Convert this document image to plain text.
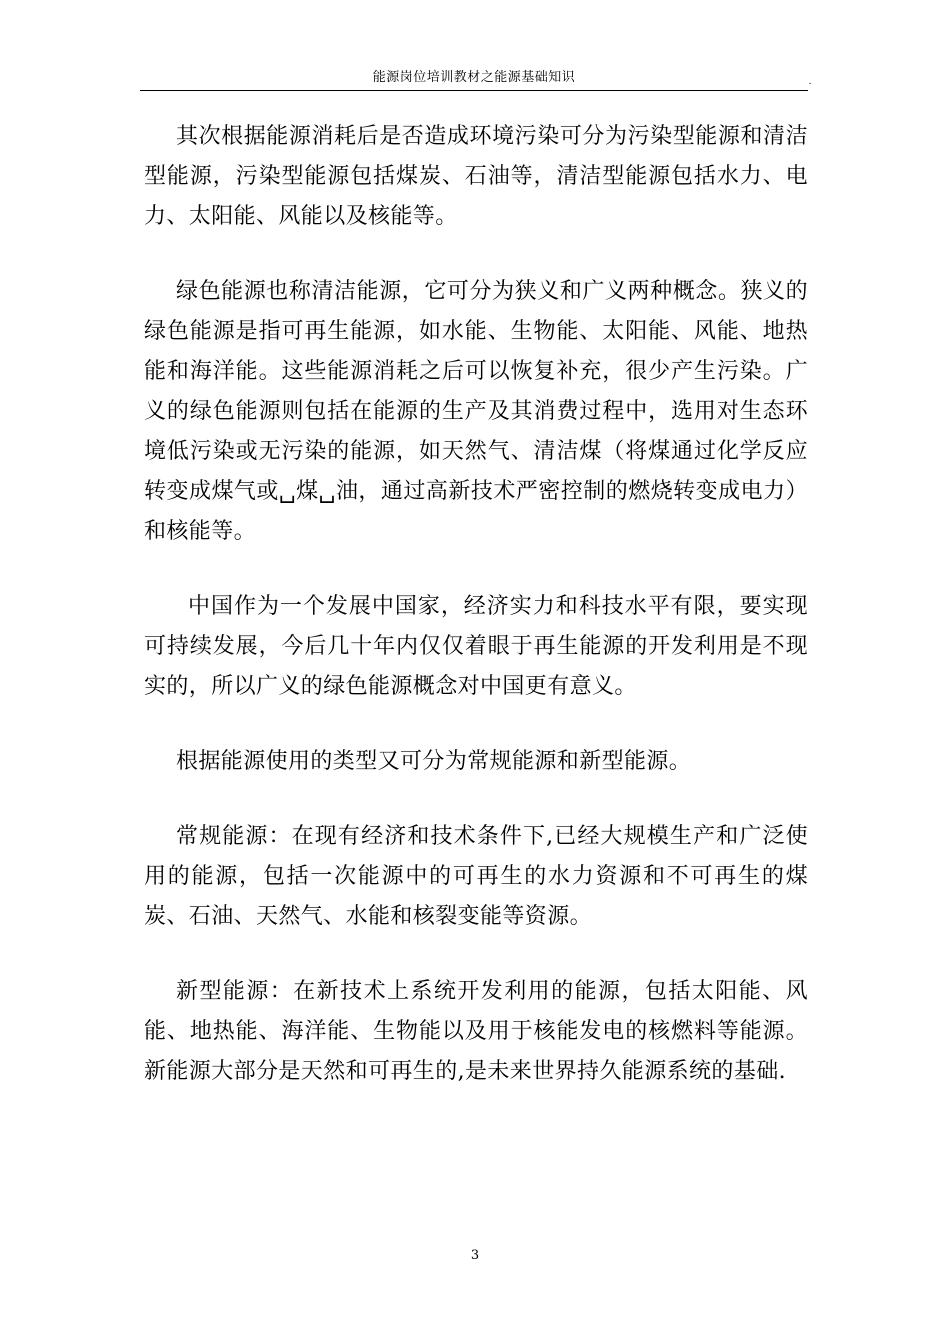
能源岗位培训教材之能源基础知识	.

其次根据能源消耗后是否造成环境污染可分为污染型能源和清洁型能源，污染型能源包括煤炭、石油等，清洁型能源包括水力、电力、太阳能、风能以及核能等。

绿色能源也称清洁能源，它可分为狭义和广义两种概念。狭义的绿色能源是指可再生能源，如水能、生物能、太阳能、风能、地热能和海洋能。这些能源消耗之后可以恢复补充，很少产生污染。广义的绿色能源则包括在能源的生产及其消费过程中，选用对生态环境低污染或无污染的能源，如天然气、清洁煤（将煤通过化学反应转变成煤气或␣煤␣油，通过高新技术严密控制的燃烧转变成电力）和核能等。

中国作为一个发展中国家，经济实力和科技水平有限，要实现可持续发展，今后几十年内仅仅着眼于再生能源的开发利用是不现实的，所以广义的绿色能源概念对中国更有意义。

根据能源使用的类型又可分为常规能源和新型能源。

常规能源：在现有经济和技术条件下,已经大规模生产和广泛使用的能源，包括一次能源中的可再生的水力资源和不可再生的煤炭、石油、天然气、水能和核裂变能等资源。

新型能源：在新技术上系统开发利用的能源，包括太阳能、风能、地热能、海洋能、生物能以及用于核能发电的核燃料等能源。新能源大部分是天然和可再生的,是未来世界持久能源系统的基础.

3
